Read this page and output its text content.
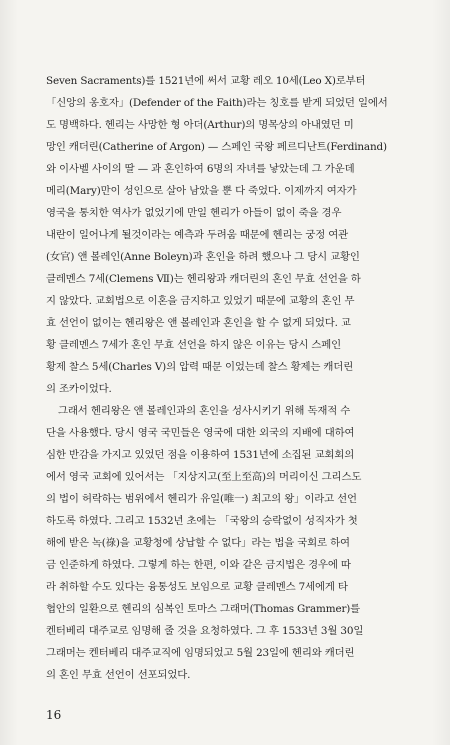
Seven Sacraments)를 1521년에 써서 교황 레오 10세(Leo X)로부터
「신앙의 옹호자」(Defender of the Faith)라는 칭호를 받게 되었던 일에서
도 명백하다. 헨리는 사망한 형 아더(Arthur)의 명목상의 아내였던 미
망인 캐더린(Catherine of Argon) — 스페인 국왕 페르디난트(Ferdinand)
와 이사벨 사이의 딸 — 과 혼인하여 6명의 자녀를 낳았는데 그 가운데
메리(Mary)만이 성인으로 살아 남았을 뿐 다 죽었다. 이제까지 여자가
영국을 통치한 역사가 없었기에 만일 헨리가 아들이 없이 죽을 경우
내란이 일어나게 될것이라는 예측과 두려움 때문에 헨리는 궁정 여관
(女官) 앤 볼레인(Anne Boleyn)과 혼인을 하려 했으나 그 당시 교황인
클레멘스 7세(Clemens Ⅶ)는 헨리왕과 캐더린의 혼인 무효 선언을 하
지 않았다. 교회법으로 이혼을 금지하고 있었기 때문에 교황의 혼인 무
효 선언이 없이는 헨리왕은 앤 볼레인과 혼인을 할 수 없게 되었다. 교
황 클레멘스 7세가 혼인 무효 선언을 하지 않은 이유는 당시 스페인
황제 찰스 5세(Charles Ⅴ)의 압력 때문 이었는데 찰스 황제는 캐더린
의 조카이었다.
그래서 헨리왕은 앤 볼레인과의 혼인을 성사시키기 위해 독재적 수
단을 사용했다. 당시 영국 국민들은 영국에 대한 외국의 지배에 대하여
심한 반감을 가지고 있었던 점을 이용하여 1531년에 소집된 교회회의
에서 영국 교회에 있어서는 「지상지고(至上至高)의 머리이신 그리스도
의 법이 허락하는 범위에서 헨리가 유일(唯一) 최고의 왕」이라고 선언
하도록 하였다. 그리고 1532년 초에는 「국왕의 승락없이 성직자가 첫
해에 받은 녹(祿)을 교황청에 상납할 수 없다」라는 법을 국회로 하여
금 인준하게 하였다. 그렇게 하는 한편, 이와 같은 금지법은 경우에 따
라 취하할 수도 있다는 융통성도 보임으로 교황 클레멘스 7세에게 타
협안의 일환으로 헨리의 심복인 토마스 그래머(Thomas Grammer)를
켄터베리 대주교로 임명해 줄 것을 요청하였다. 그 후 1533년 3월 30일
그래머는 켄터베리 대주교직에 임명되었고 5월 23일에 헨리와 캐더린
의 혼인 무효 선언이 선포되었다.
16
